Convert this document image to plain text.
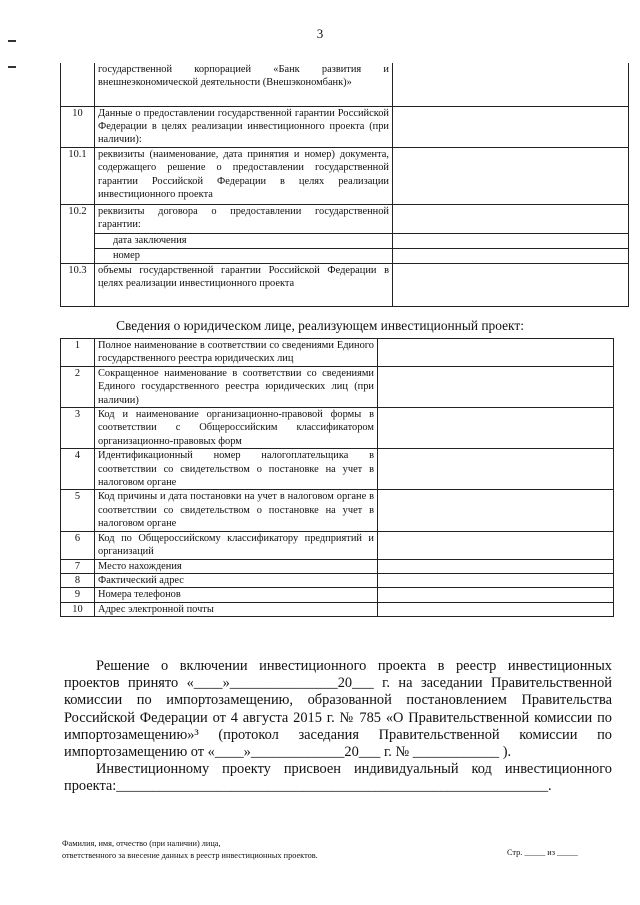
3
	государственной корпорацией «Банк развития и внешнеэкономической деятельности (Внешэкономбанк)»	
10	Данные о предоставлении государственной гарантии Российской Федерации в целях реализации инвестиционного проекта (при наличии):	
10.1	реквизиты (наименование, дата принятия и номер) документа, содержащего решение о предоставлении государственной гарантии Российской Федерации в целях реализации инвестиционного проекта	
10.2	реквизиты договора о предоставлении государственной гарантии:	
	дата заключения	
	номер	
10.3	объемы государственной гарантии Российской Федерации в целях реализации инвестиционного проекта	
Сведения о юридическом лице, реализующем инвестиционный проект:
1	Полное наименование в соответствии со сведениями Единого государственного реестра юридических лиц	
2	Сокращенное наименование в соответствии со сведениями Единого государственного реестра юридических лиц (при наличии)	
3	Код и наименование организационно-правовой формы в соответствии с Общероссийским классификатором организационно-правовых форм	
4	Идентификационный номер налогоплательщика в соответствии со свидетельством о постановке на учет в налоговом органе	
5	Код причины и дата постановки на учет в налоговом органе в соответствии со свидетельством о постановке на учет в налоговом органе	
6	Код по Общероссийскому классификатору предприятий и организаций	
7	Место нахождения	
8	Фактический адрес	
9	Номера телефонов	
10	Адрес электронной почты	

Решение о включении инвестиционного проекта в реестр инвестиционных проектов принято «____»_______________20___ г. на заседании Правительственной комиссии по импортозамещению, образованной постановлением Правительства Российской Федерации от 4 августа 2015 г. № 785 «О Правительственной комиссии по импортозамещению»³ (протокол заседания Правительственной комиссии по импортозамещению от «____»_____________20___ г. № ____________ ).

Инвестиционному проекту присвоен индивидуальный код инвестиционного проекта:____________________________________________________________.

Фамилия, имя, отчество (при наличии) лица,
ответственного за внесение данных в реестр инвестиционных проектов.	Стр. _____ из _____
